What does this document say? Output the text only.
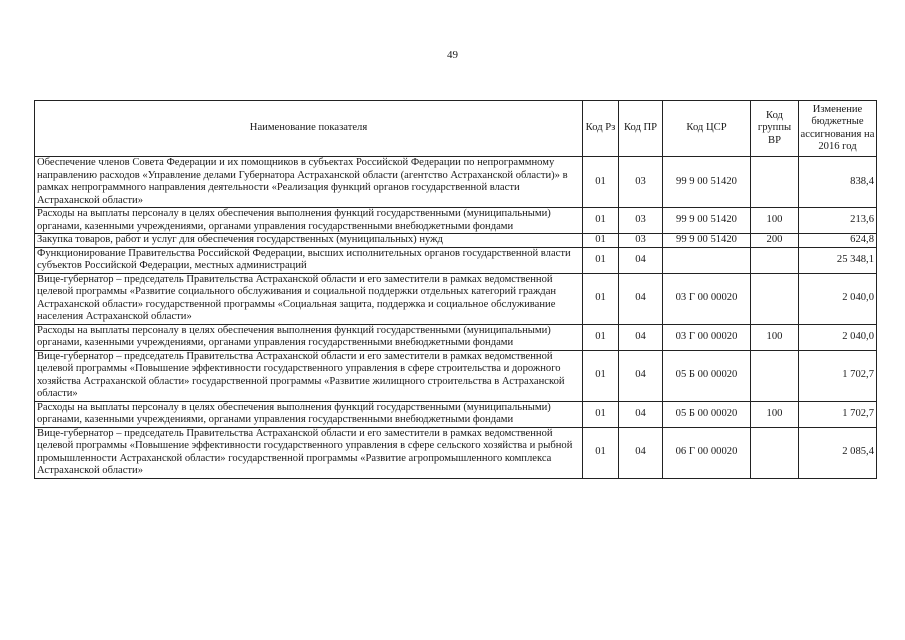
49
Наименование показателя	Код Рз	Код ПР	Код ЦСР	Код группы ВР	Изменение бюджетные ассигнования на 2016 год
Обеспечение членов Совета Федерации и их помощников в субъектах Российской Федерации по непрограммному направлению расходов «Управление делами Губернатора Астраханской области (агентство Астраханской области)» в рамках непрограммного направления деятельности «Реализация функций органов государственной власти Астраханской области»	01	03	99 9 00 51420		838,4
Расходы на выплаты персоналу в целях обеспечения выполнения функций государственными (муниципальными) органами, казенными учреждениями, органами управления государственными внебюджетными фондами	01	03	99 9 00 51420	100	213,6
Закупка товаров, работ и услуг для обеспечения государственных (муниципальных) нужд	01	03	99 9 00 51420	200	624,8
Функционирование Правительства Российской Федерации, высших исполнительных органов государственной власти субъектов Российской Федерации, местных администраций	01	04			25 348,1
Вице-губернатор – председатель Правительства Астраханской области и его заместители в рамках ведомственной целевой программы «Развитие социального обслуживания и социальной поддержки отдельных категорий граждан Астраханской области» государственной программы «Социальная защита, поддержка и социальное обслуживание населения Астраханской области»	01	04	03 Г 00 00020		2 040,0
Расходы на выплаты персоналу в целях обеспечения выполнения функций государственными (муниципальными) органами, казенными учреждениями, органами управления государственными внебюджетными фондами	01	04	03 Г 00 00020	100	2 040,0
Вице-губернатор – председатель Правительства Астраханской области и его заместители в рамках ведомственной целевой программы «Повышение эффективности государственного управления в сфере строительства и дорожного хозяйства Астраханской области» государственной программы «Развитие жилищного строительства в Астраханской области»	01	04	05 Б 00 00020		1 702,7
Расходы на выплаты персоналу в целях обеспечения выполнения функций государственными (муниципальными) органами, казенными учреждениями, органами управления государственными внебюджетными фондами	01	04	05 Б 00 00020	100	1 702,7
Вице-губернатор – председатель Правительства Астраханской области и его заместители в рамках ведомственной целевой программы «Повышение эффективности государственного управления в сфере сельского хозяйства и рыбной промышленности Астраханской области» государственной программы «Развитие агропромышленного комплекса Астраханской области»	01	04	06 Г 00 00020		2 085,4
